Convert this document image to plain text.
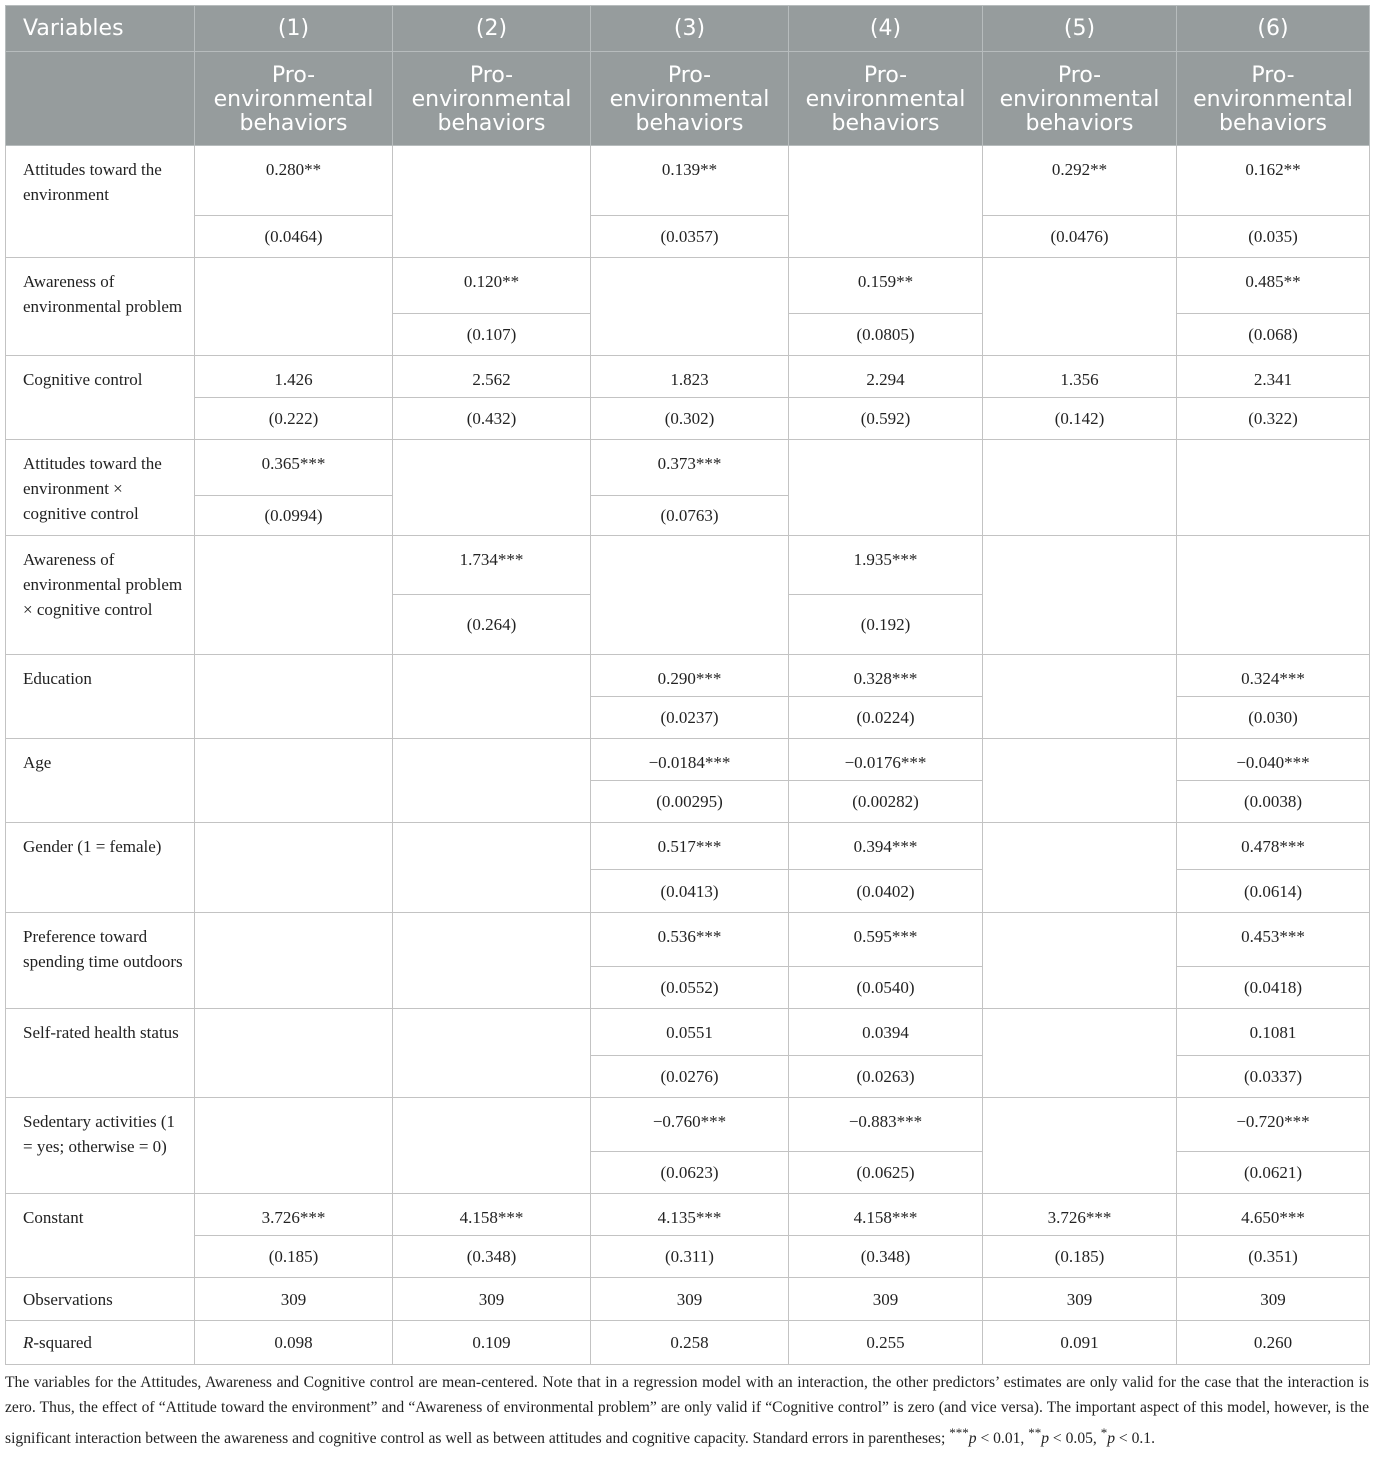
Variables	(1)	(2)	(3)	(4)	(5)	(6)
	Pro-environmental behaviors	Pro-environmental behaviors	Pro-environmental behaviors	Pro-environmental behaviors	Pro-environmental behaviors	Pro-environmental behaviors
Attitudes toward the environment	0.280**		0.139**		0.292**	0.162**
	(0.0464)		(0.0357)		(0.0476)	(0.035)
Awareness of environmental problem		0.120**		0.159**		0.485**
		(0.107)		(0.0805)		(0.068)
Cognitive control	1.426	2.562	1.823	2.294	1.356	2.341
	(0.222)	(0.432)	(0.302)	(0.592)	(0.142)	(0.322)
Attitudes toward the environment × cognitive control	0.365***		0.373***			
	(0.0994)		(0.0763)			
Awareness of environmental problem × cognitive control		1.734***		1.935***		
		(0.264)		(0.192)		
Education			0.290***	0.328***		0.324***
			(0.0237)	(0.0224)		(0.030)
Age			−0.0184***	−0.0176***		−0.040***
			(0.00295)	(0.00282)		(0.0038)
Gender (1 = female)			0.517***	0.394***		0.478***
			(0.0413)	(0.0402)		(0.0614)
Preference toward spending time outdoors			0.536***	0.595***		0.453***
			(0.0552)	(0.0540)		(0.0418)
Self-rated health status			0.0551	0.0394		0.1081
			(0.0276)	(0.0263)		(0.0337)
Sedentary activities (1 = yes; otherwise = 0)			−0.760***	−0.883***		−0.720***
			(0.0623)	(0.0625)		(0.0621)
Constant	3.726***	4.158***	4.135***	4.158***	3.726***	4.650***
	(0.185)	(0.348)	(0.311)	(0.348)	(0.185)	(0.351)
Observations	309	309	309	309	309	309
R-squared	0.098	0.109	0.258	0.255	0.091	0.260
The variables for the Attitudes, Awareness and Cognitive control are mean-centered. Note that in a regression model with an interaction, the other predictors’ estimates are only valid for the case that the interaction is zero. Thus, the effect of “Attitude toward the environment” and “Awareness of environmental problem” are only valid if “Cognitive control” is zero (and vice versa). The important aspect of this model, however, is the significant interaction between the awareness and cognitive control as well as between attitudes and cognitive capacity. Standard errors in parentheses; ***p < 0.01, **p < 0.05, *p < 0.1.
